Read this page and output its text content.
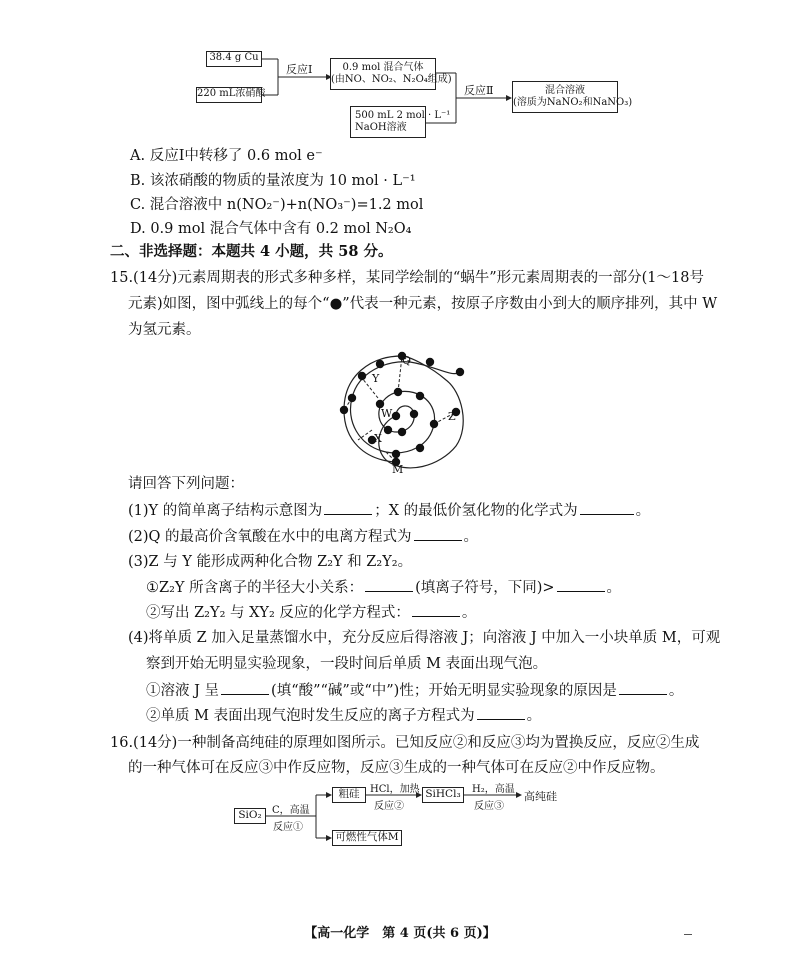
38.4 g Cu
220 mL浓硝酸
反应Ⅰ	0.9 mol 混合气体
(由NO、NO₂、N₂O₄组成)
500 mL 2 mol · L⁻¹
NaOH溶液
反应Ⅱ	混合溶液
(溶质为NaNO₂和NaNO₃)
A. 反应Ⅰ中转移了 0.6 mol e⁻
B. 该浓硝酸的物质的量浓度为 10 mol · L⁻¹
C. 混合溶液中 n(NO₂⁻)+n(NO₃⁻)=1.2 mol
D. 0.9 mol 混合气体中含有 0.2 mol N₂O₄
二、非选择题：本题共 4 小题，共 58 分。
15.(14分)元素周期表的形式多种多样，某同学绘制的“蜗牛”形元素周期表的一部分(1～18号
元素)如图，图中弧线上的每个“●”代表一种元素，按原子序数由小到大的顺序排列，其中 W
为氢元素。
Q
Y
W	Z
X
M
请回答下列问题：
(1)Y 的简单离子结构示意图为	；X 的最低价氢化物的化学式为	。
(2)Q 的最高价含氧酸在水中的电离方程式为	。
(3)Z 与 Y 能形成两种化合物 Z₂Y 和 Z₂Y₂。
①Z₂Y 所含离子的半径大小关系：	(填离子符号，下同)>	。
②写出 Z₂Y₂ 与 XY₂ 反应的化学方程式：	。
(4)将单质 Z 加入足量蒸馏水中，充分反应后得溶液 J；向溶液 J 中加入一小块单质 M，可观
察到开始无明显实验现象，一段时间后单质 M 表面出现气泡。
①溶液 J 呈	(填“酸”“碱”或“中”)性；开始无明显实验现象的原因是	。
②单质 M 表面出现气泡时发生反应的离子方程式为	。
16.(14分)一种制备高纯硅的原理如图所示。已知反应②和反应③均为置换反应，反应②生成
的一种气体可在反应③中作反应物，反应③生成的一种气体可在反应②中作反应物。
SiO₂	C，高温
反应①
粗硅	HCl，加热
反应②
SiHCl₃	H₂，高温
反应③
高纯硅
可燃性气体M
【高一化学　第 4 页(共 6 页)】
